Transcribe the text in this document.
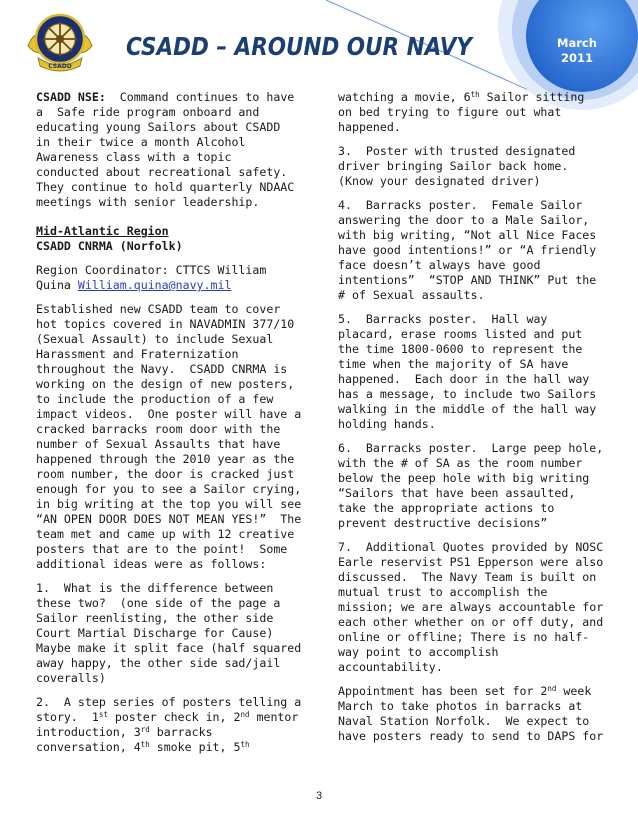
CSADD
CSADD – AROUND OUR NAVY	March
2011

CSADD NSE:  Command continues to have
a  Safe ride program onboard and
educating young Sailors about CSADD
in their twice a month Alcohol
Awareness class with a topic
conducted about recreational safety.
They continue to hold quarterly NDAAC
meetings with senior leadership.

Mid-Atlantic Region
CSADD CNRMA (Norfolk)

Region Coordinator: CTTCS William
Quina William.quina@navy.mil

Established new CSADD team to cover
hot topics covered in NAVADMIN 377/10
(Sexual Assault) to include Sexual
Harassment and Fraternization
throughout the Navy.  CSADD CNRMA is
working on the design of new posters,
to include the production of a few
impact videos.  One poster will have a
cracked barracks room door with the
number of Sexual Assaults that have
happened through the 2010 year as the
room number, the door is cracked just
enough for you to see a Sailor crying,
in big writing at the top you will see
“AN OPEN DOOR DOES NOT MEAN YES!”  The
team met and came up with 12 creative
posters that are to the point!  Some
additional ideas were as follows:

1.  What is the difference between
these two?  (one side of the page a
Sailor reenlisting, the other side
Court Martial Discharge for Cause)
Maybe make it split face (half squared
away happy, the other side sad/jail
coveralls)

2.  A step series of posters telling a
story.  1st poster check in, 2nd mentor
introduction, 3rd barracks
conversation, 4th smoke pit, 5th

watching a movie, 6th Sailor sitting
on bed trying to figure out what
happened.

3.  Poster with trusted designated
driver bringing Sailor back home.
(Know your designated driver)

4.  Barracks poster.  Female Sailor
answering the door to a Male Sailor,
with big writing, “Not all Nice Faces
have good intentions!” or “A friendly
face doesn’t always have good
intentions”  “STOP AND THINK” Put the
# of Sexual assaults.

5.  Barracks poster.  Hall way
placard, erase rooms listed and put
the time 1800-0600 to represent the
time when the majority of SA have
happened.  Each door in the hall way
has a message, to include two Sailors
walking in the middle of the hall way
holding hands.

6.  Barracks poster.  Large peep hole,
with the # of SA as the room number
below the peep hole with big writing
“Sailors that have been assaulted,
take the appropriate actions to
prevent destructive decisions”

7.  Additional Quotes provided by NOSC
Earle reservist PS1 Epperson were also
discussed.  The Navy Team is built on
mutual trust to accomplish the
mission; we are always accountable for
each other whether on or off duty, and
online or offline; There is no half-
way point to accomplish
accountability.

Appointment has been set for 2nd week
March to take photos in barracks at
Naval Station Norfolk.  We expect to
have posters ready to send to DAPS for

3
